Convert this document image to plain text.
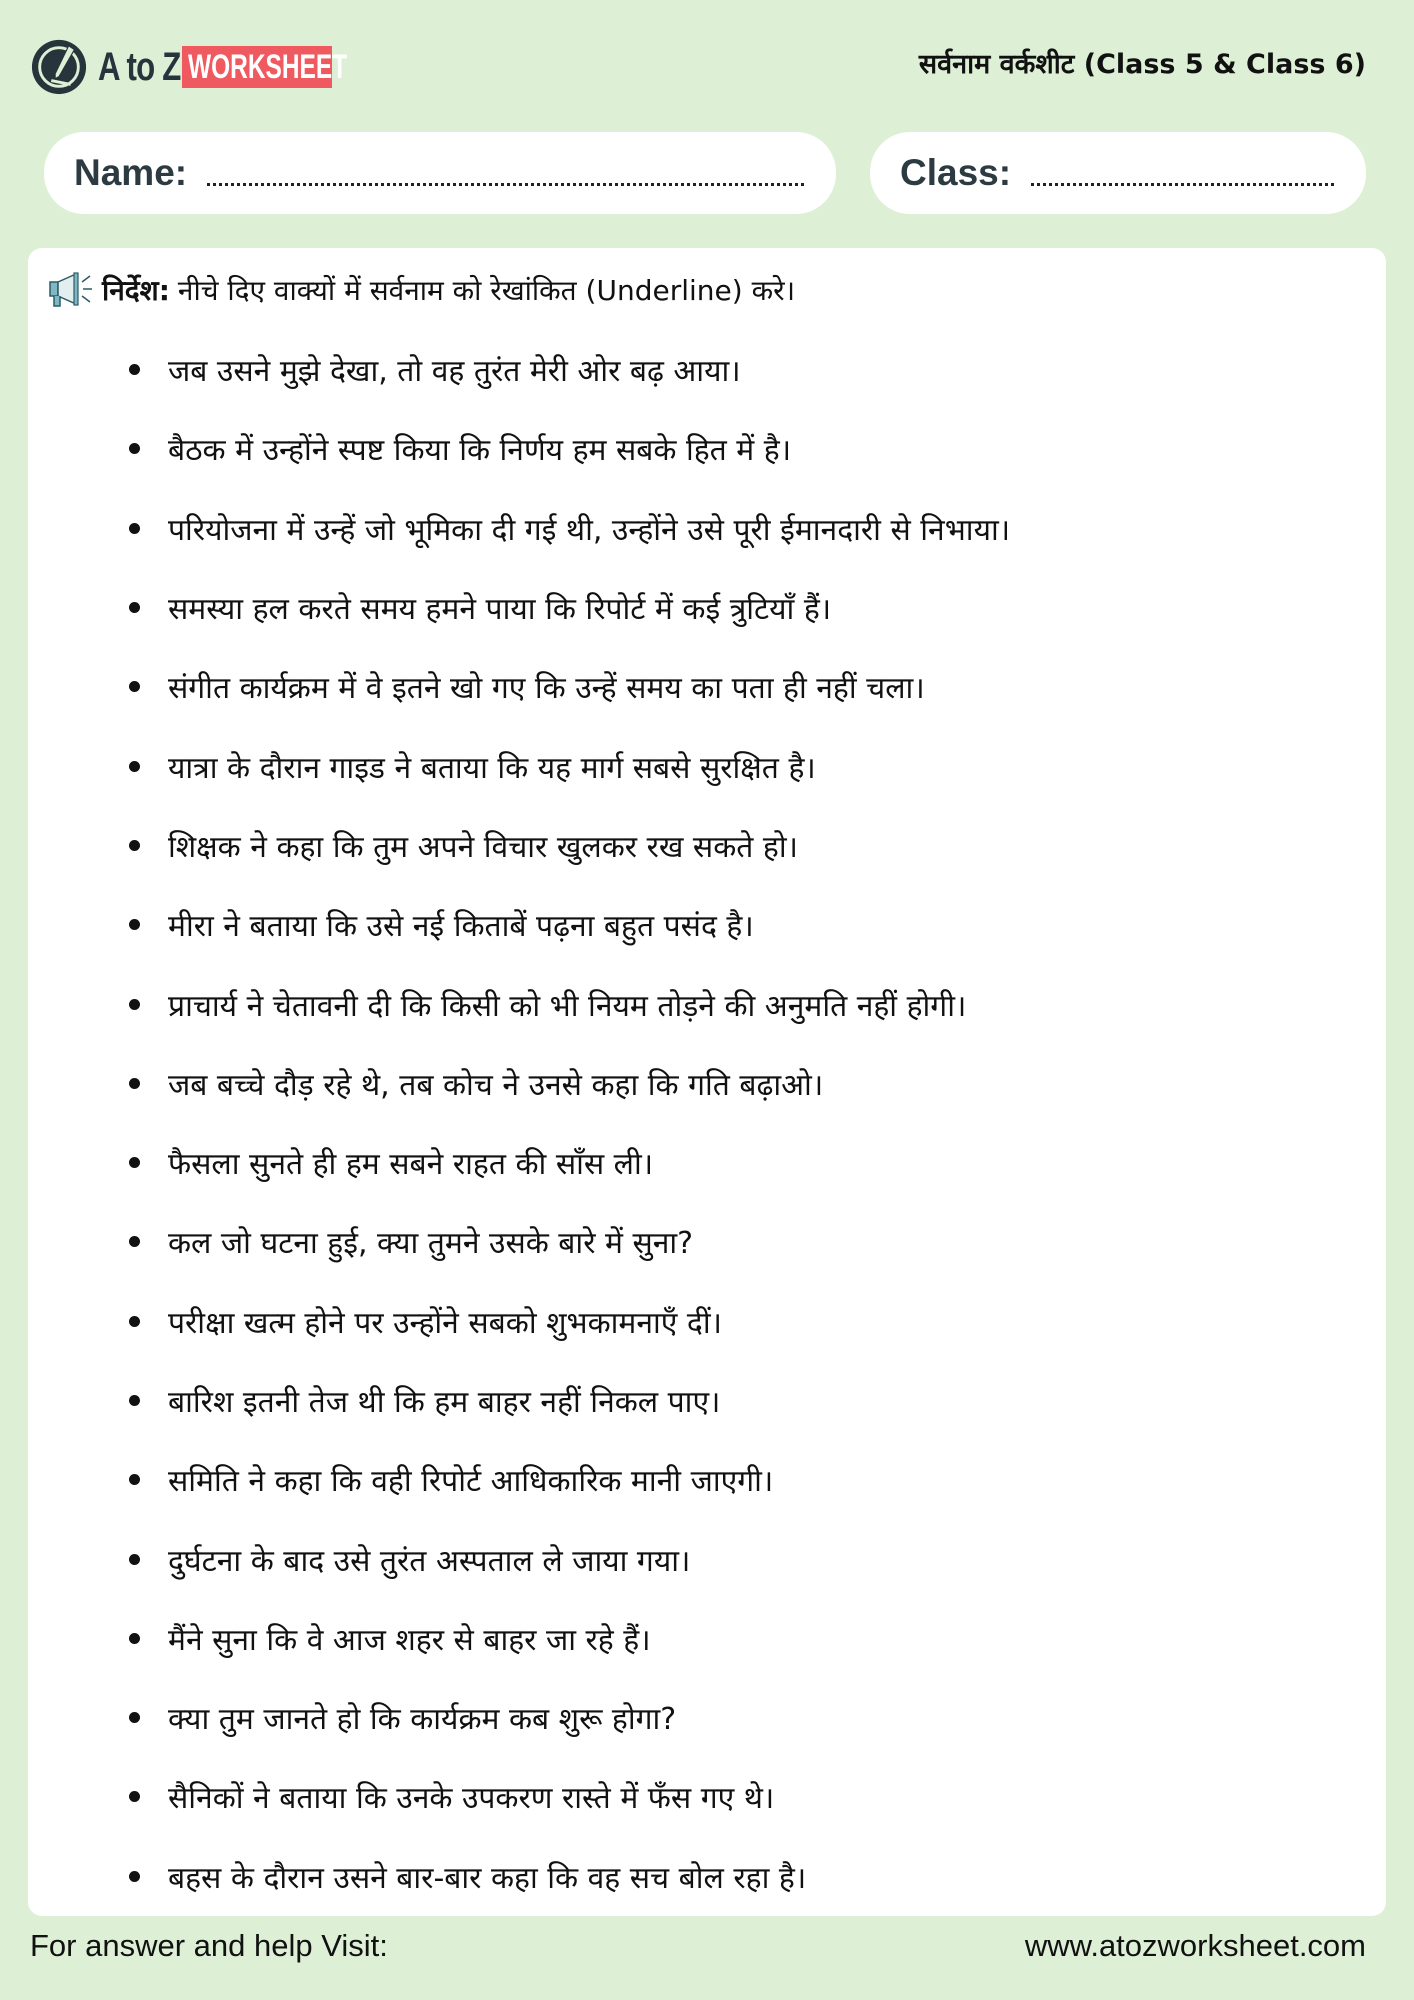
A to Z WORKSHEET	सर्वनाम वर्कशीट (Class 5 & Class 6)
Name:	Class:
निर्देश: नीचे दिए वाक्यों में सर्वनाम को रेखांकित (Underline) करे।
जब उसने मुझे देखा, तो वह तुरंत मेरी ओर बढ़ आया।
बैठक में उन्होंने स्पष्ट किया कि निर्णय हम सबके हित में है।
परियोजना में उन्हें जो भूमिका दी गई थी, उन्होंने उसे पूरी ईमानदारी से निभाया।
समस्या हल करते समय हमने पाया कि रिपोर्ट में कई त्रुटियाँ हैं।
संगीत कार्यक्रम में वे इतने खो गए कि उन्हें समय का पता ही नहीं चला।
यात्रा के दौरान गाइड ने बताया कि यह मार्ग सबसे सुरक्षित है।
शिक्षक ने कहा कि तुम अपने विचार खुलकर रख सकते हो।
मीरा ने बताया कि उसे नई किताबें पढ़ना बहुत पसंद है।
प्राचार्य ने चेतावनी दी कि किसी को भी नियम तोड़ने की अनुमति नहीं होगी।
जब बच्चे दौड़ रहे थे, तब कोच ने उनसे कहा कि गति बढ़ाओ।
फैसला सुनते ही हम सबने राहत की साँस ली।
कल जो घटना हुई, क्या तुमने उसके बारे में सुना?
परीक्षा खत्म होने पर उन्होंने सबको शुभकामनाएँ दीं।
बारिश इतनी तेज थी कि हम बाहर नहीं निकल पाए।
समिति ने कहा कि वही रिपोर्ट आधिकारिक मानी जाएगी।
दुर्घटना के बाद उसे तुरंत अस्पताल ले जाया गया।
मैंने सुना कि वे आज शहर से बाहर जा रहे हैं।
क्या तुम जानते हो कि कार्यक्रम कब शुरू होगा?
सैनिकों ने बताया कि उनके उपकरण रास्ते में फँस गए थे।
बहस के दौरान उसने बार-बार कहा कि वह सच बोल रहा है।
For answer and help Visit:	www.atozworksheet.com
